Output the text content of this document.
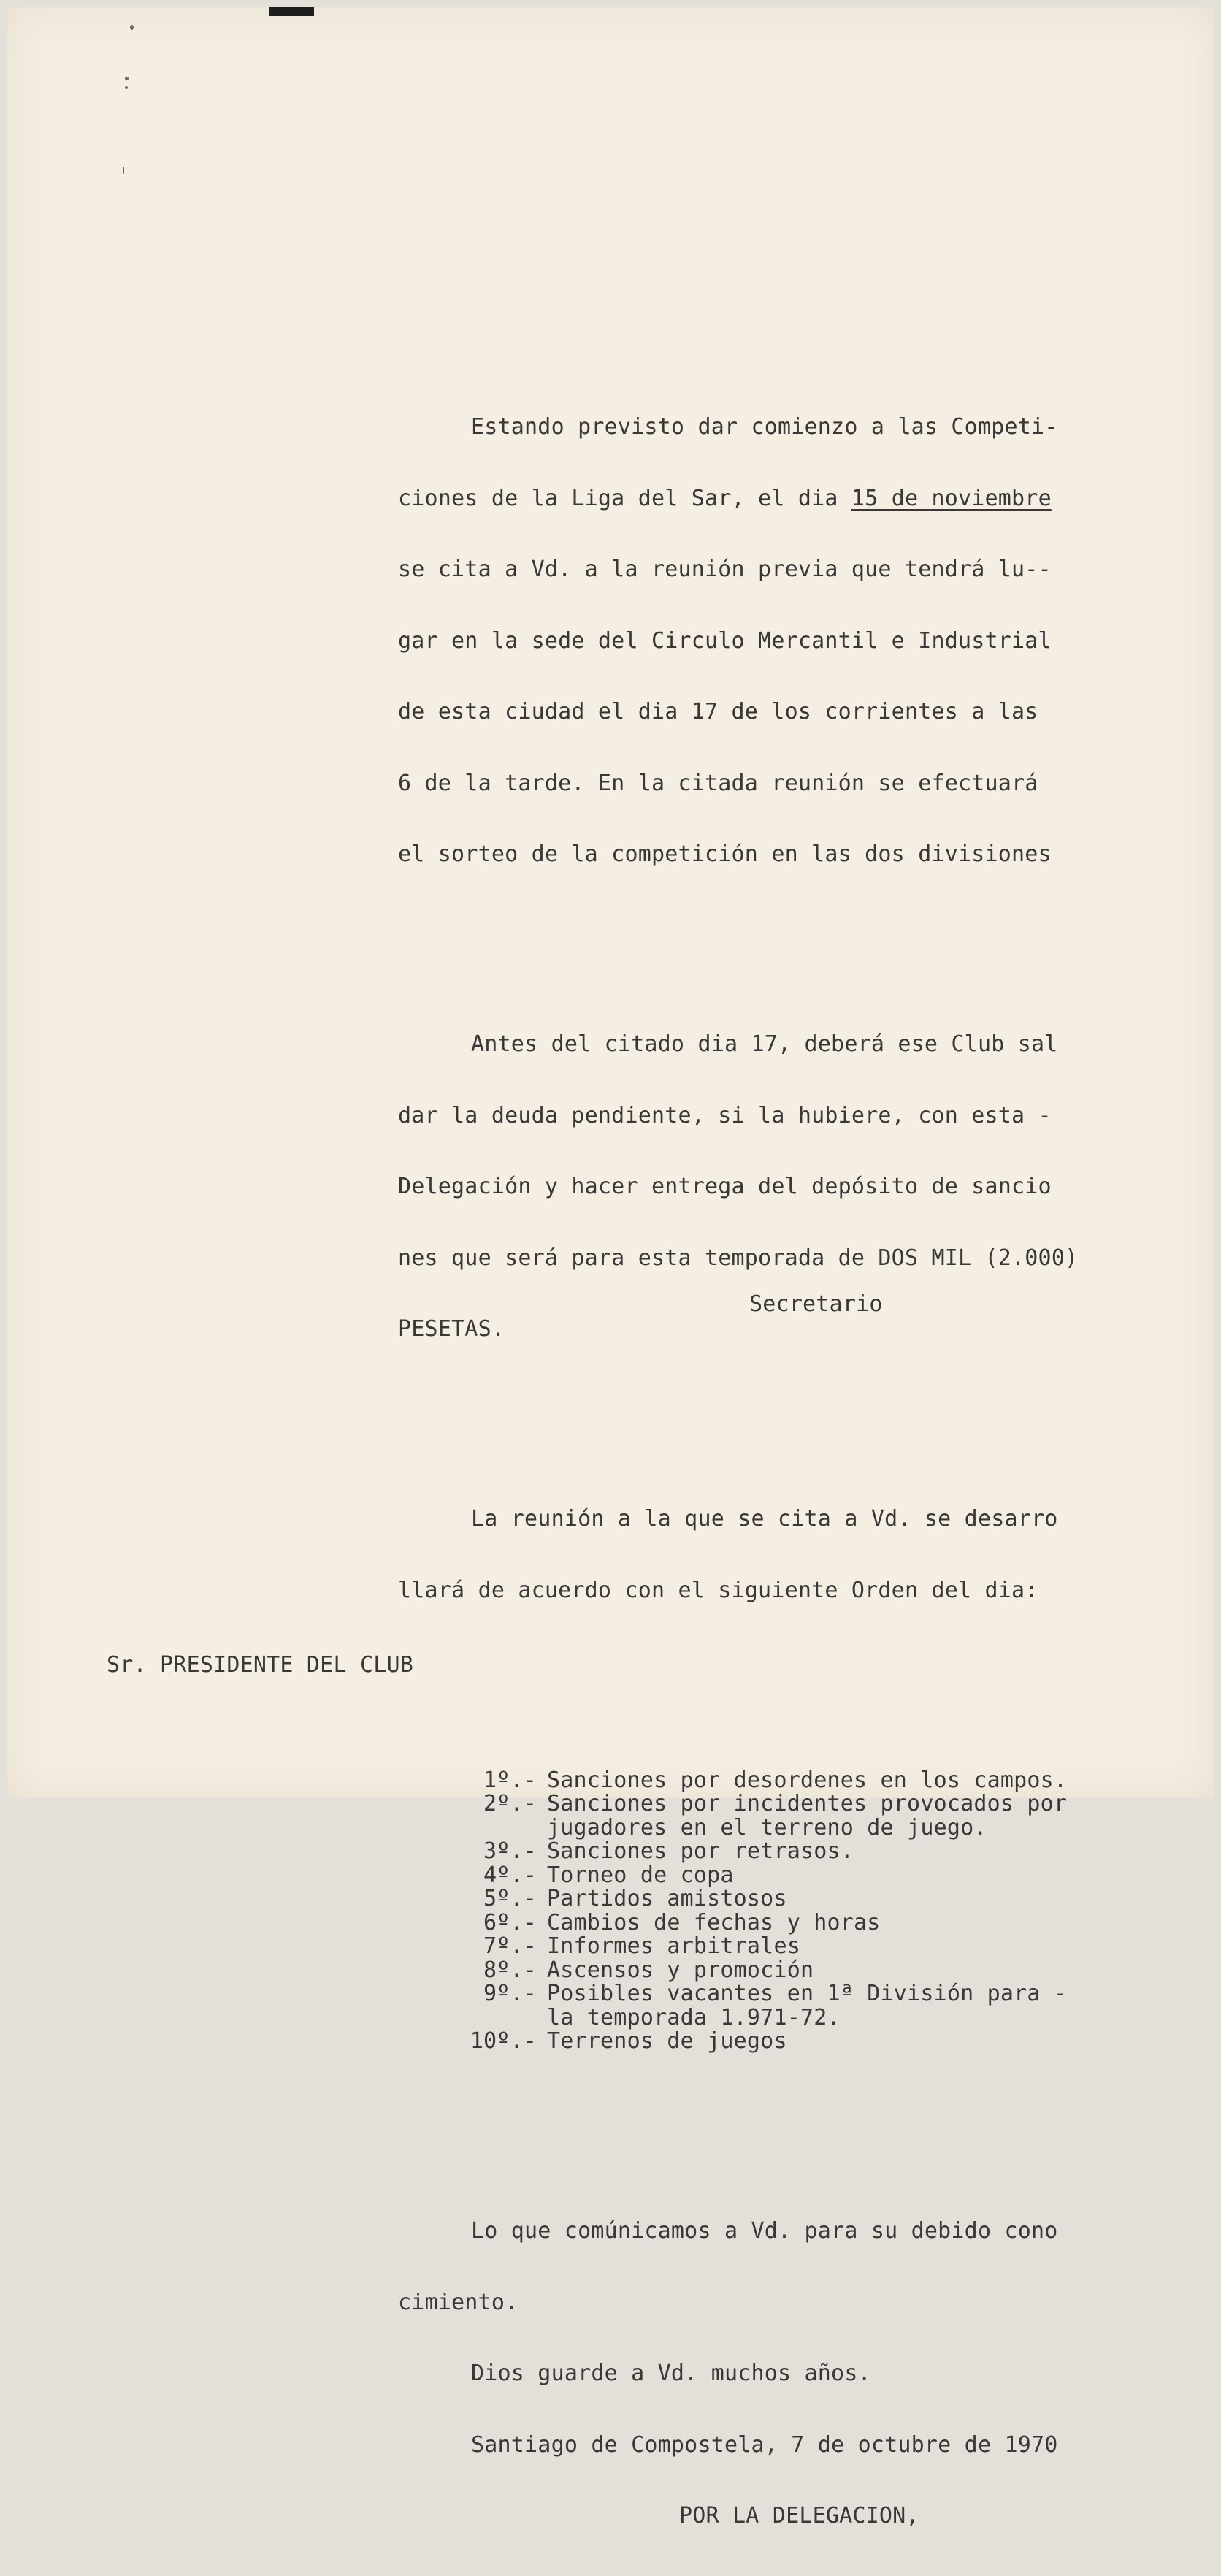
Estando previsto dar comienzo a las Competi-

ciones de la Liga del Sar, el dia 15 de noviembre

se cita a Vd. a la reunión previa que tendrá lu--

gar en la sede del Circulo Mercantil e Industrial

de esta ciudad el dia 17 de los corrientes a las

6 de la tarde. En la citada reunión se efectuará

el sorteo de la competición en las dos divisiones

Antes del citado dia 17, deberá ese Club sal

dar la deuda pendiente, si la hubiere, con esta -

Delegación y hacer entrega del depósito de sancio

nes que será para esta temporada de DOS MIL (2.000)

PESETAS.

La reunión a la que se cita a Vd. se desarro

llará de acuerdo con el siguiente Orden del dia:

1º.- Sanciones por desordenes en los campos.
2º.- Sanciones por incidentes provocados por
jugadores en el terreno de juego.
3º.- Sanciones por retrasos.
4º.- Torneo de copa
5º.- Partidos amistosos
6º.- Cambios de fechas y horas
7º.- Informes arbitrales
8º.- Ascensos y promoción
9º.- Posibles vacantes en 1ª División para -
la temporada 1.971-72.
10º.- Terrenos de juegos

Lo que comúnicamos a Vd. para su debido cono

cimiento.

Dios guarde a Vd. muchos años.

Santiago de Compostela, 7 de octubre de 1970

POR LA DELEGACION,

Secretario
Sr. PRESIDENTE DEL CLUB
